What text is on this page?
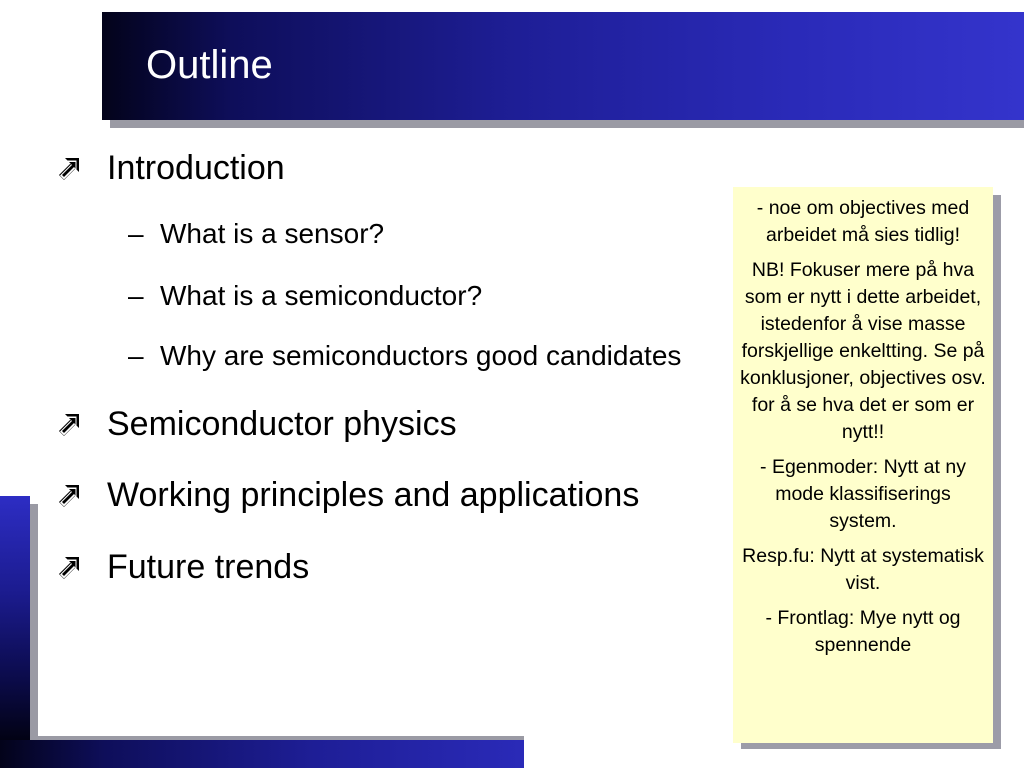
Outline
Introduction
– What is a sensor?
– What is a semiconductor?
– Why are semiconductors good candidates
Semiconductor physics
Working principles and applications
Future trends

- noe om objectives med arbeidet må sies tidlig!

NB! Fokuser mere på hva som er nytt i dette arbeidet, istedenfor å vise masse forskjellige enkeltting. Se på konklusjoner, objectives osv. for å se hva det er som er nytt!!

- Egenmoder: Nytt at ny mode klassifiserings system.

Resp.fu: Nytt at systematisk vist.

- Frontlag: Mye nytt og spennende
